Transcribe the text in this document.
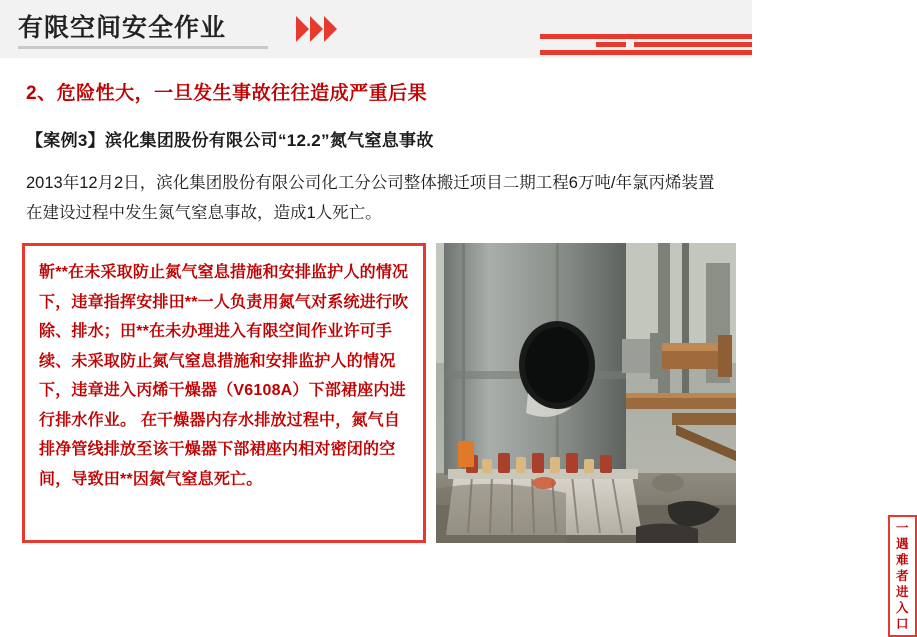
有限空间安全作业
2、危险性大，一旦发生事故往往造成严重后果
【案例3】滨化集团股份有限公司“12.2”氮气窒息事故
2013年12月2日，滨化集团股份有限公司化工分公司整体搬迁项目二期工程6万吨/年氯丙烯装置在建设过程中发生氮气窒息事故，造成1人死亡。
靳**在未采取防止氮气窒息措施和安排监护人的情况下，违章指挥安排田**一人负责用氮气对系统进行吹除、排水；田**在未办理进入有限空间作业许可手续、未采取防止氮气窒息措施和安排监护人的情况下，违章进入丙烯干燥器（V6108A）下部裙座内进行排水作业。 在干燥器内存水排放过程中，氮气自排净管线排放至该干燥器下部裙座内相对密闭的空间，导致田**因氮气窒息死亡。
一遇难者
进入口
